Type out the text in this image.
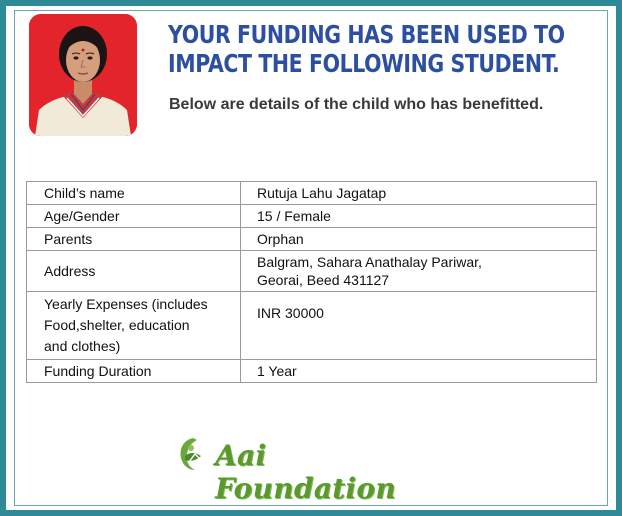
YOUR FUNDING HAS BEEN USED TO IMPACT THE FOLLOWING STUDENT.
Below are details of the child who has benefitted.
Child’s name	Rutuja Lahu Jagatap
Age/Gender	15 / Female
Parents	Orphan
Address	Balgram, Sahara Anathalay Pariwar,
Georai, Beed 431127

Yearly Expenses (includes
Food,shelter, education
and clothes)	INR 30000

Funding Duration	1 Year
Aai Foundation
